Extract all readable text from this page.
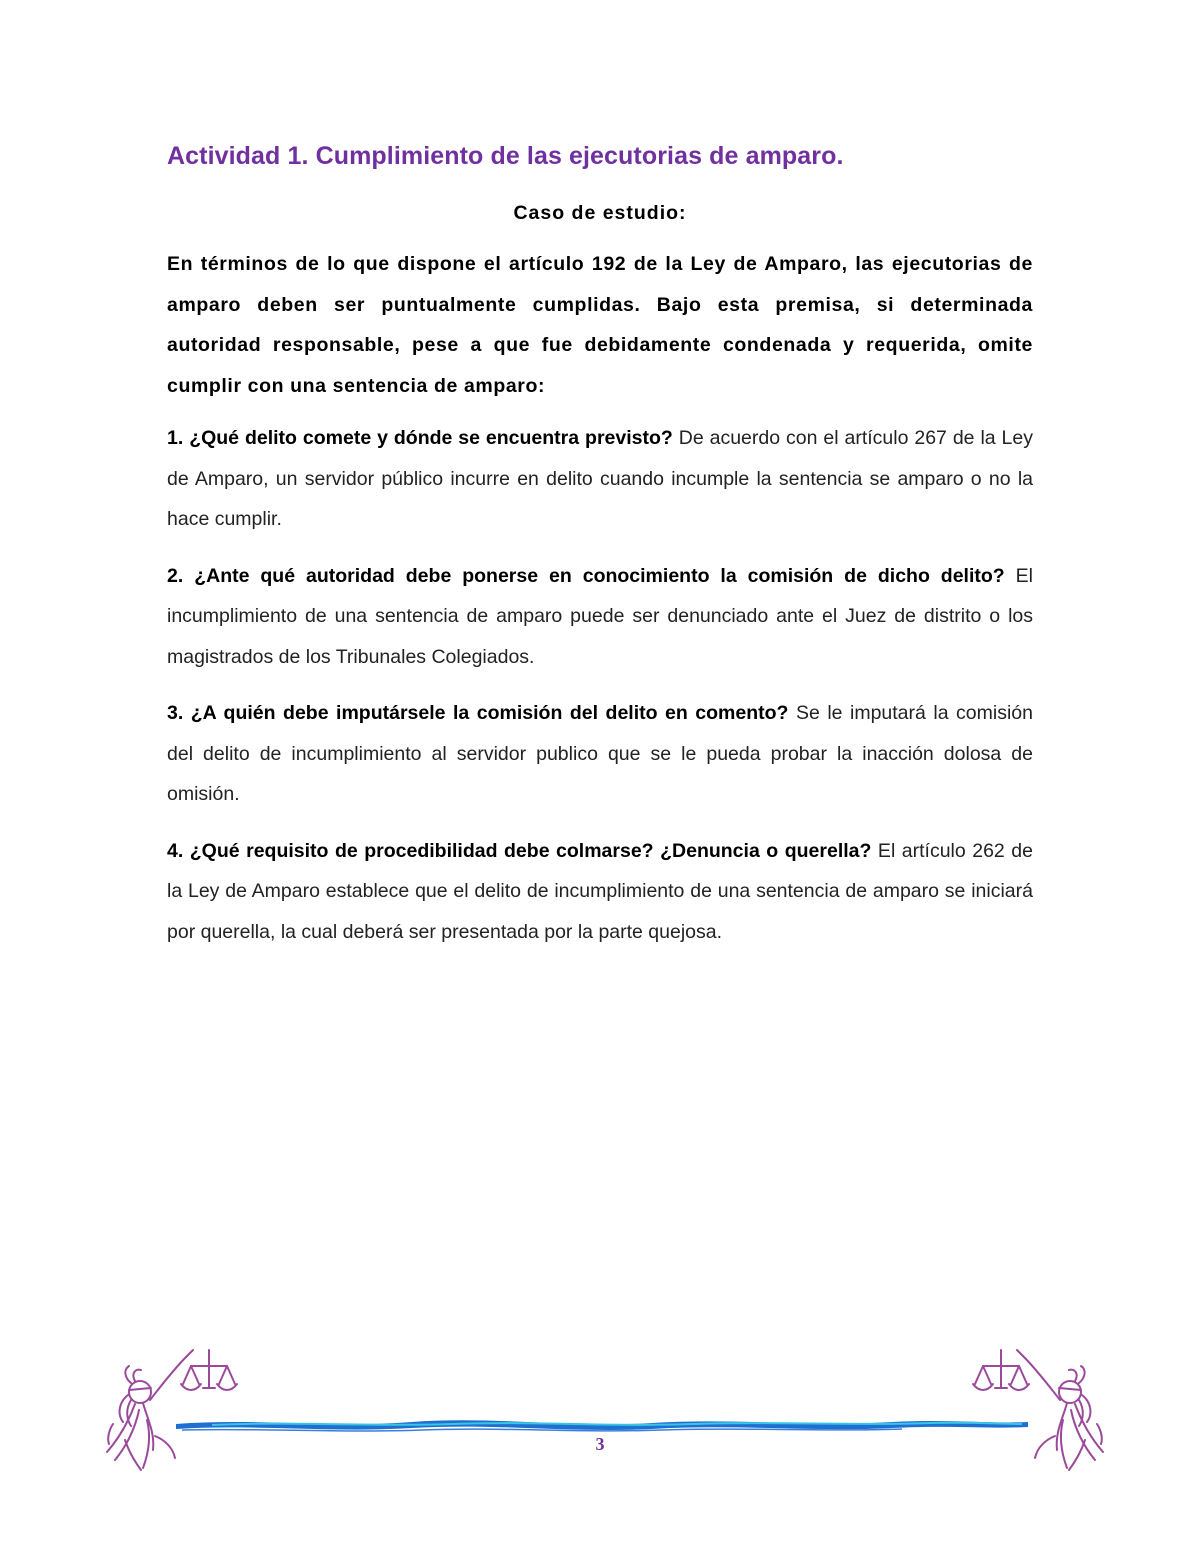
Actividad 1. Cumplimiento de las ejecutorias de amparo.

Caso de estudio:

En términos de lo que dispone el artículo 192 de la Ley de Amparo, las ejecutorias de amparo deben ser puntualmente cumplidas. Bajo esta premisa, si determinada autoridad responsable, pese a que fue debidamente condenada y requerida, omite cumplir con una sentencia de amparo:

1. ¿Qué delito comete y dónde se encuentra previsto? De acuerdo con el artículo 267 de la Ley de Amparo, un servidor público incurre en delito cuando incumple la sentencia se amparo o no la hace cumplir.

2. ¿Ante qué autoridad debe ponerse en conocimiento la comisión de dicho delito? El incumplimiento de una sentencia de amparo puede ser denunciado ante el Juez de distrito o los magistrados de los Tribunales Colegiados.

3. ¿A quién debe imputársele la comisión del delito en comento? Se le imputará la comisión del delito de incumplimiento al servidor publico que se le pueda probar la inacción dolosa de omisión.

4. ¿Qué requisito de procedibilidad debe colmarse? ¿Denuncia o querella? El artículo 262 de la Ley de Amparo establece que el delito de incumplimiento de una sentencia de amparo se iniciará por querella, la cual deberá ser presentada por la parte quejosa.

3
